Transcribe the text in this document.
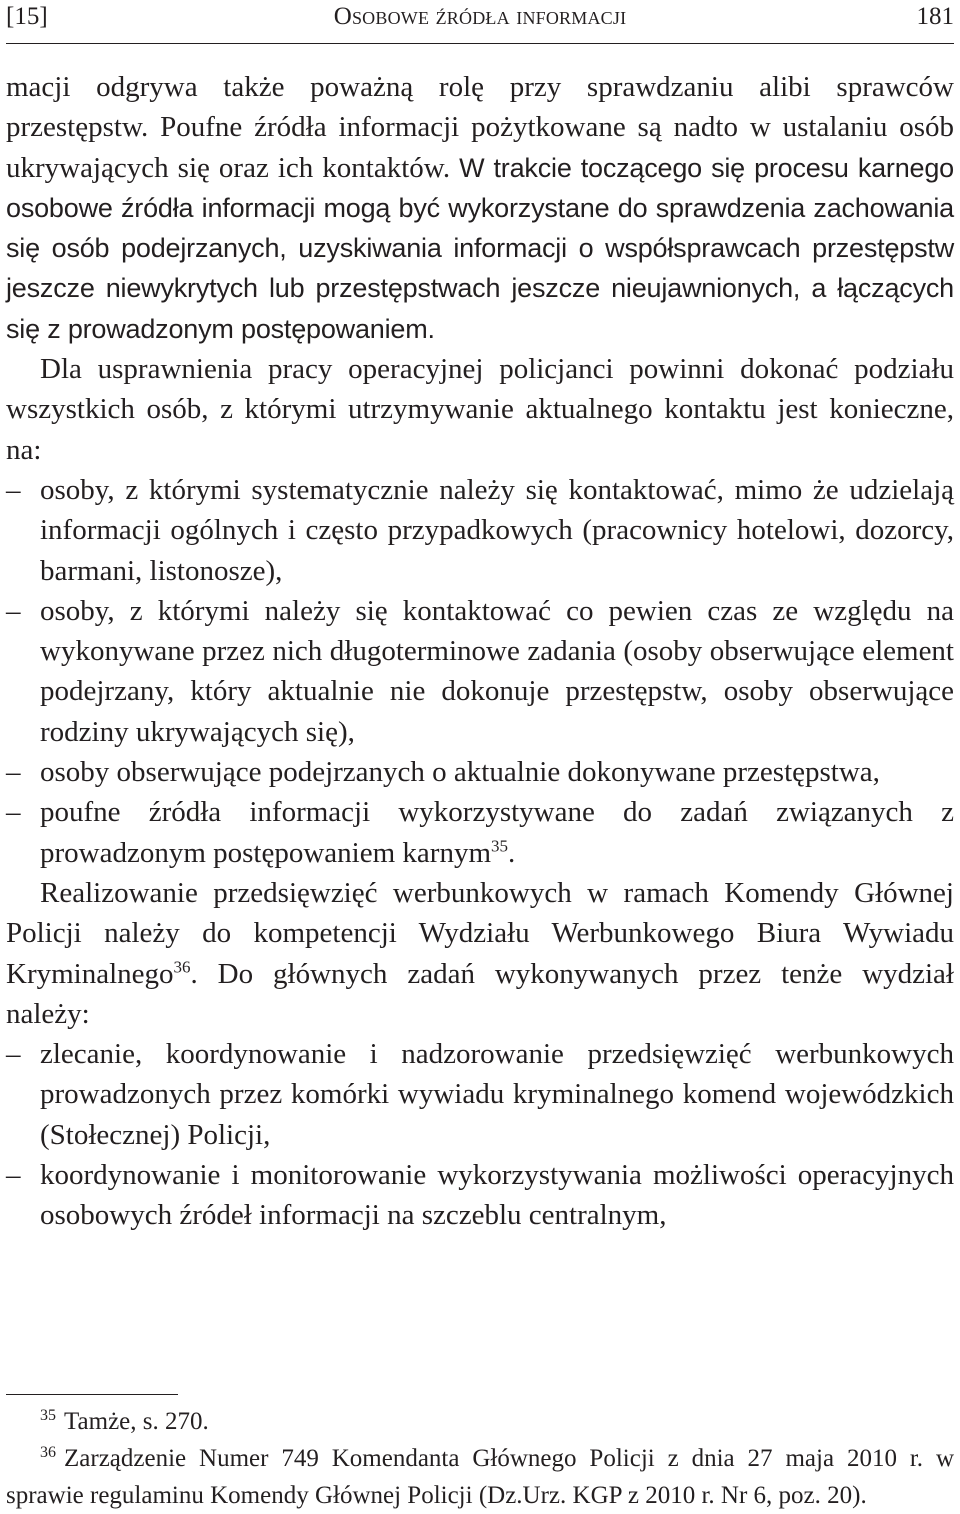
[15]	Osobowe źródła informacji	181

macji odgrywa także poważną rolę przy sprawdzaniu alibi sprawców przestępstw. Poufne źródła informacji pożytkowane są nadto w ustalaniu osób ukrywających się oraz ich kontaktów. W trakcie toczącego się procesu karnego osobowe źródła informacji mogą być wykorzystane do sprawdzenia zachowania się osób podejrzanych, uzyskiwania informacji o współsprawcach przestępstw jeszcze niewykrytych lub przestępstwach jeszcze nieujawnionych, a łączących się z prowadzonym postępowaniem.

Dla usprawnienia pracy operacyjnej policjanci powinni dokonać podziału wszystkich osób, z którymi utrzymywanie aktualnego kontaktu jest konieczne, na:

– osoby, z którymi systematycznie należy się kontaktować, mimo że udzielają informacji ogólnych i często przypadkowych (pracownicy hotelowi, dozorcy, barmani, listonosze),
– osoby, z którymi należy się kontaktować co pewien czas ze względu na wykonywane przez nich długoterminowe zadania (osoby obserwujące element podejrzany, który aktualnie nie dokonuje przestępstw, osoby obserwujące rodziny ukrywających się),
– osoby obserwujące podejrzanych o aktualnie dokonywane przestępstwa,
– poufne źródła informacji wykorzystywane do zadań związanych z prowadzonym postępowaniem karnym$^{35}$.

Realizowanie przedsięwzięć werbunkowych w ramach Komendy Głównej Policji należy do kompetencji Wydziału Werbunkowego Biura Wywiadu Kryminalnego$^{36}$. Do głównych zadań wykonywanych przez tenże wydział należy:

– zlecanie, koordynowanie i nadzorowanie przedsięwzięć werbunkowych prowadzonych przez komórki wywiadu kryminalnego komend wojewódzkich (Stołecznej) Policji,
– koordynowanie i monitorowanie wykorzystywania możliwości operacyjnych osobowych źródeł informacji na szczeblu centralnym,

$^{35}$ Tamże, s. 270.

$^{36}$ Zarządzenie Numer 749 Komendanta Głównego Policji z dnia 27 maja 2010 r. w sprawie regulaminu Komendy Głównej Policji (Dz.Urz. KGP z 2010 r. Nr 6, poz. 20).
